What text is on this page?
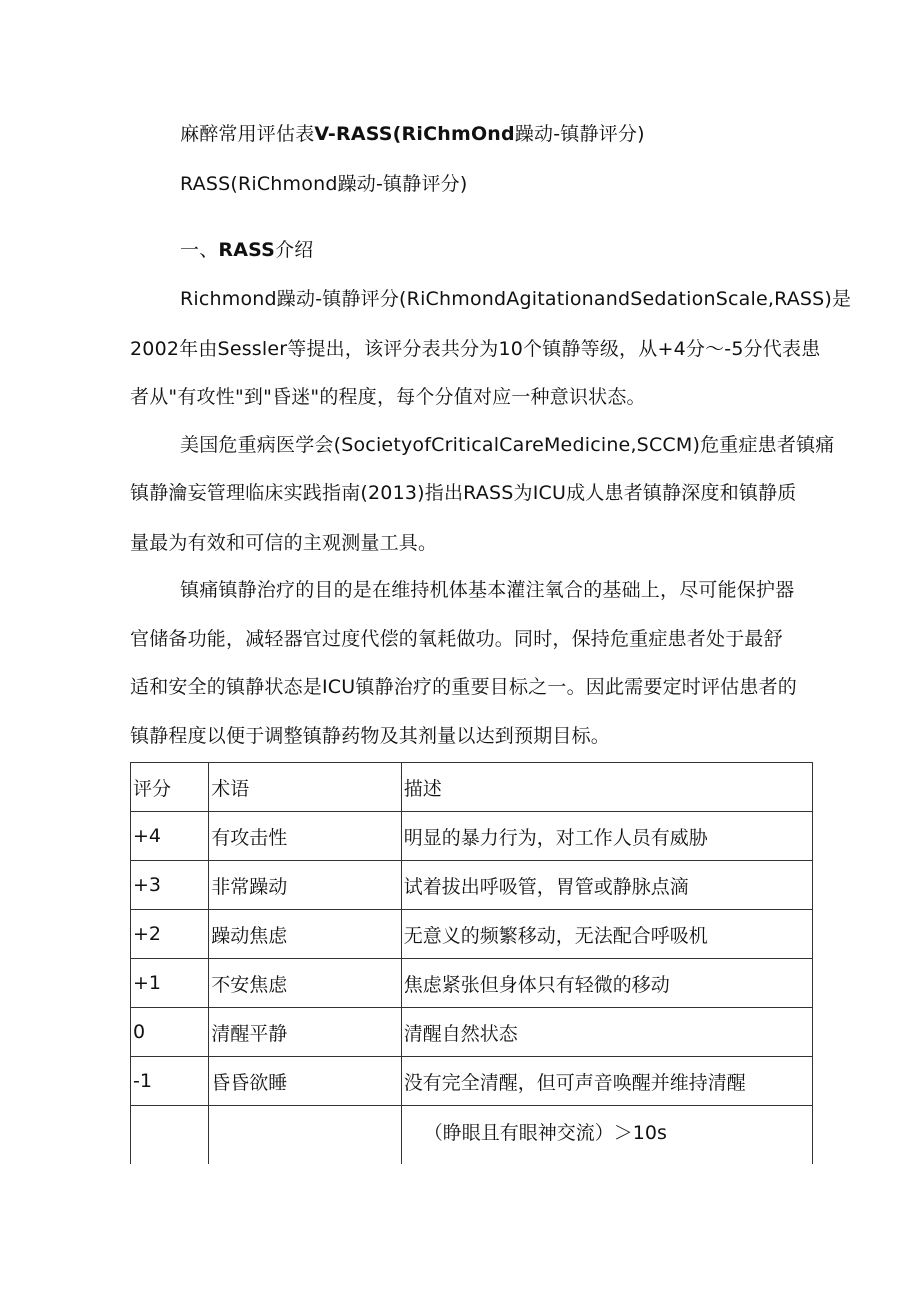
麻醉常用评估表V-RASS(RiChmOnd躁动-镇静评分)
RASS(RiChmond躁动-镇静评分)
一、RASS介绍
Richmond躁动-镇静评分(RiChmondAgitationandSedationScale,RASS)是
2002年由Sessler等提出，该评分表共分为10个镇静等级，从+4分～-5分代表患
者从"有攻性"到"昏迷"的程度，每个分值对应一种意识状态。
美国危重病医学会(SocietyofCriticalCareMedicine,SCCM)危重症患者镇痛
镇静瀹妄管理临床实践指南(2013)指出RASS为ICU成人患者镇静深度和镇静质
量最为有效和可信的主观测量工具。
镇痛镇静治疗的目的是在维持机体基本灌注氧合的基础上，尽可能保护器
官储备功能，减轻器官过度代偿的氧耗做功。同时，保持危重症患者处于最舒
适和安全的镇静状态是ICU镇静治疗的重要目标之一。因此需要定时评估患者的
镇静程度以便于调整镇静药物及其剂量以达到预期目标。
评分	术语	描述
+4	有攻击性	明显的暴力行为，对工作人员有威胁
+3	非常躁动	试着拔出呼吸管，胃管或静脉点滴
+2	躁动焦虑	无意义的频繁移动，无法配合呼吸机
+1	不安焦虑	焦虑紧张但身体只有轻微的移动
0	清醒平静	清醒自然状态
-1	昏昏欲睡	没有完全清醒，但可声音唤醒并维持清醒
		（睁眼且有眼神交流）＞10s
